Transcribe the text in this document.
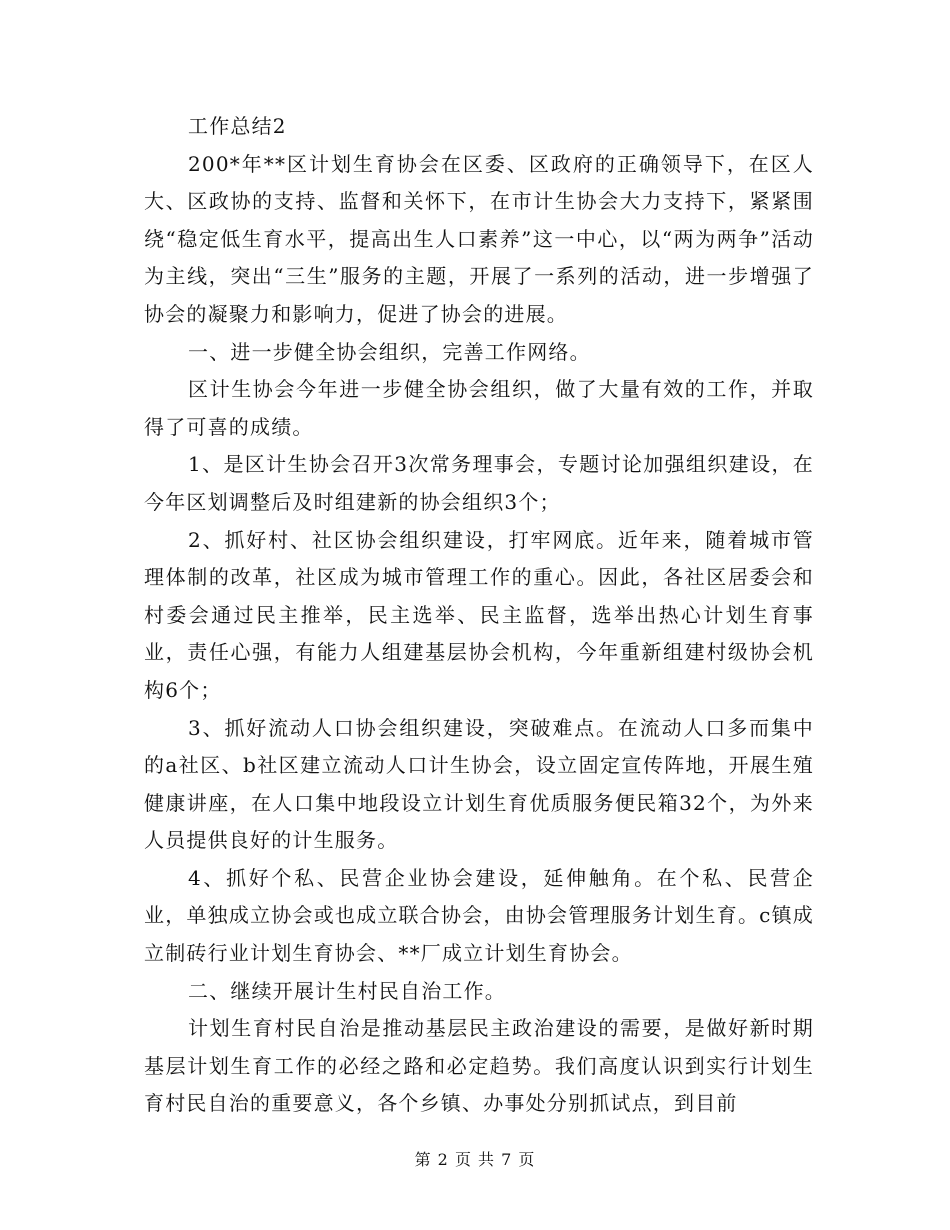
工作总结2

200*年**区计划生育协会在区委、区政府的正确领导下，在区人大、区政协的支持、监督和关怀下，在市计生协会大力支持下，紧紧围绕“稳定低生育水平，提高出生人口素养”这一中心，以“两为两争”活动为主线，突出“三生”服务的主题，开展了一系列的活动，进一步增强了协会的凝聚力和影响力，促进了协会的进展。

一、进一步健全协会组织，完善工作网络。

区计生协会今年进一步健全协会组织，做了大量有效的工作，并取得了可喜的成绩。

1、是区计生协会召开3次常务理事会，专题讨论加强组织建设，在今年区划调整后及时组建新的协会组织3个；

2、抓好村、社区协会组织建设，打牢网底。近年来，随着城市管理体制的改革，社区成为城市管理工作的重心。因此，各社区居委会和村委会通过民主推举，民主选举、民主监督，选举出热心计划生育事业，责任心强，有能力人组建基层协会机构，今年重新组建村级协会机构6个；

3、抓好流动人口协会组织建设，突破难点。在流动人口多而集中的a社区、b社区建立流动人口计生协会，设立固定宣传阵地，开展生殖健康讲座，在人口集中地段设立计划生育优质服务便民箱32个，为外来人员提供良好的计生服务。

4、抓好个私、民营企业协会建设，延伸触角。在个私、民营企业，单独成立协会或也成立联合协会，由协会管理服务计划生育。c镇成立制砖行业计划生育协会、**厂成立计划生育协会。

二、继续开展计生村民自治工作。

计划生育村民自治是推动基层民主政治建设的需要，是做好新时期基层计划生育工作的必经之路和必定趋势。我们高度认识到实行计划生育村民自治的重要意义，各个乡镇、办事处分别抓试点，到目前

第 2 页 共 7 页
